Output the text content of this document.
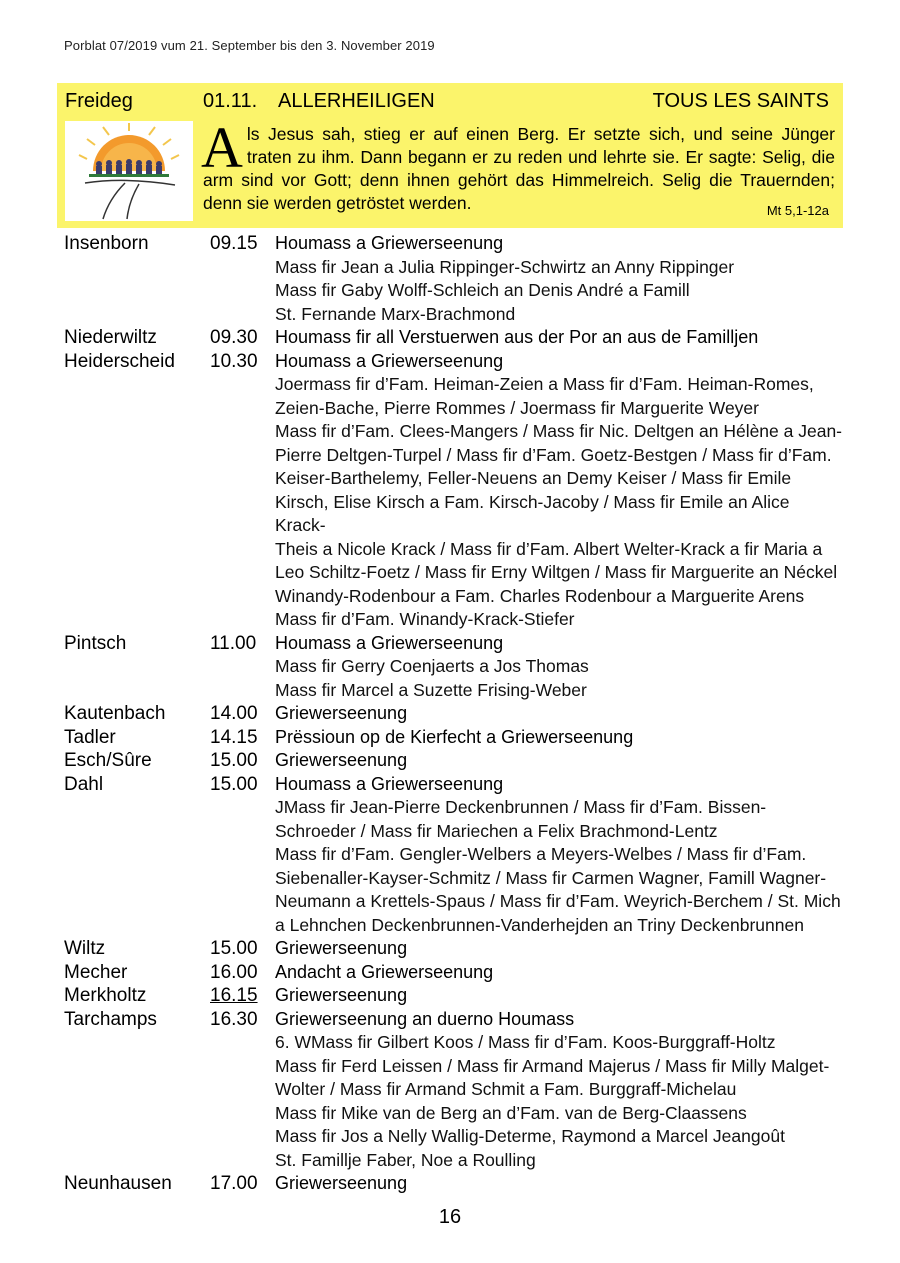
Porblat 07/2019 vum 21. September bis den 3. November 2019
Freideg	01.11. ALLERHEILIGEN	TOUS LES SAINTS
Als Jesus sah, stieg er auf einen Berg. Er setzte sich, und seine Jünger traten zu ihm. Dann begann er zu reden und lehrte sie. Er sagte: Selig, die arm sind vor Gott; denn ihnen gehört das Himmelreich. Selig die Trauernden; denn sie werden getröstet werden.	Mt 5,1-12a
Insenborn	09.15 Houmass a Griewerseenung
Mass fir Jean a Julia Rippinger-Schwirtz an Anny Rippinger
Mass fir Gaby Wolff-Schleich an Denis André a Famill
St. Fernande Marx-Brachmond
Niederwiltz	09.30 Houmass fir all Verstuerwen aus der Por an aus de Familljen
Heiderscheid 10.30 Houmass a Griewerseenung
Joermass fir d’Fam. Heiman-Zeien a Mass fir d’Fam. Heiman-Romes,
Zeien-Bache, Pierre Rommes / Joermass fir Marguerite Weyer
Mass fir d’Fam. Clees-Mangers / Mass fir Nic. Deltgen an Hélène a Jean-
Pierre Deltgen-Turpel / Mass fir d’Fam. Goetz-Bestgen / Mass fir d’Fam.
Keiser-Barthelemy, Feller-Neuens an Demy Keiser / Mass fir Emile
Kirsch, Elise Kirsch a Fam. Kirsch-Jacoby / Mass fir Emile an Alice Krack-
Theis a Nicole Krack / Mass fir d’Fam. Albert Welter-Krack a fir Maria a
Leo Schiltz-Foetz / Mass fir Erny Wiltgen / Mass fir Marguerite an Néckel
Winandy-Rodenbour a Fam. Charles Rodenbour a Marguerite Arens
Mass fir d’Fam. Winandy-Krack-Stiefer
Pintsch	11.00 Houmass a Griewerseenung
Mass fir Gerry Coenjaerts a Jos Thomas
Mass fir Marcel a Suzette Frising-Weber
Kautenbach 14.00 Griewerseenung
Tadler	14.15 Prëssioun op de Kierfecht a Griewerseenung
Esch/Sûre	15.00 Griewerseenung
Dahl	15.00 Houmass a Griewerseenung
JMass fir Jean-Pierre Deckenbrunnen / Mass fir d’Fam. Bissen-
Schroeder / Mass fir Mariechen a Felix Brachmond-Lentz
Mass fir d’Fam. Gengler-Welbers a Meyers-Welbes / Mass fir d’Fam.
Siebenaller-Kayser-Schmitz / Mass fir Carmen Wagner, Famill Wagner-
Neumann a Krettels-Spaus / Mass fir d’Fam. Weyrich-Berchem / St. Mich
a Lehnchen Deckenbrunnen-Vanderhejden an Triny Deckenbrunnen
Wiltz	15.00 Griewerseenung
Mecher	16.00 Andacht a Griewerseenung
Merkholtz	16.15 Griewerseenung
Tarchamps	16.30 Griewerseenung an duerno Houmass
6. WMass fir Gilbert Koos / Mass fir d’Fam. Koos-Burggraff-Holtz
Mass fir Ferd Leissen / Mass fir Armand Majerus / Mass fir Milly Malget-
Wolter / Mass fir Armand Schmit a Fam. Burggraff-Michelau
Mass fir Mike van de Berg an d’Fam. van de Berg-Claassens
Mass fir Jos a Nelly Wallig-Determe, Raymond a Marcel Jeangoût
St. Famillje Faber, Noe a Roulling
Neunhausen 17.00 Griewerseenung
16
